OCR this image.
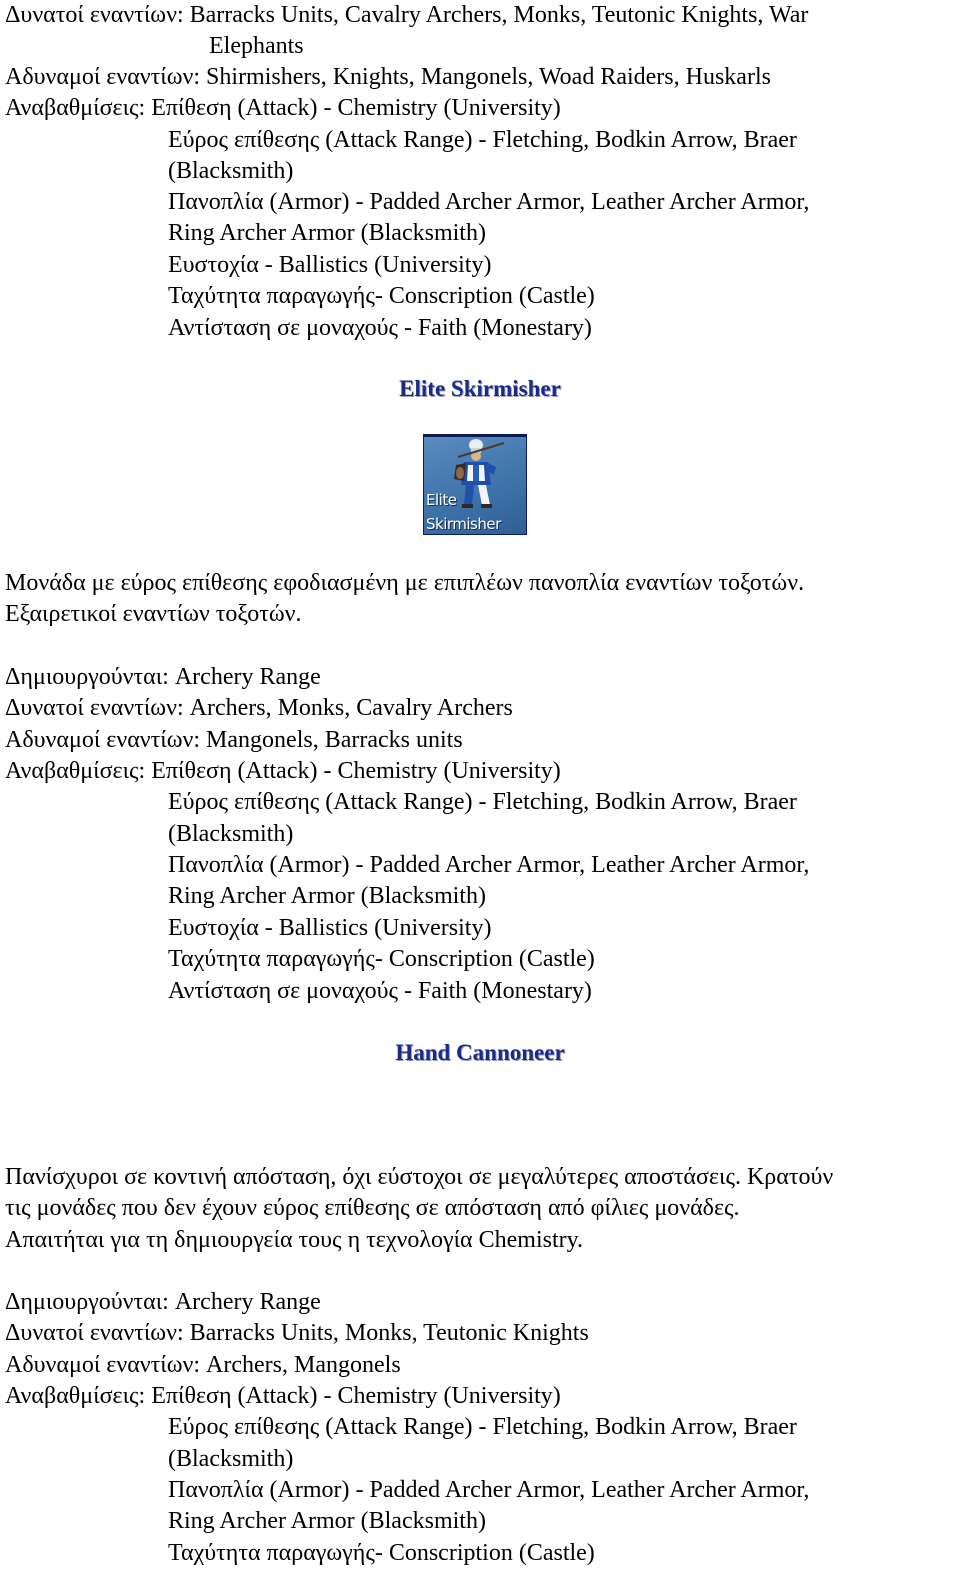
Δυνατοί εναντίων: Barracks Units, Cavalry Archers, Monks, Teutonic Knights, War

Elephants

Αδυναμοί εναντίων: Shirmishers, Knights, Mangonels, Woad Raiders, Huskarls

Αναβαθμίσεις: Επίθεση (Attack) - Chemistry (University)

Εύρος επίθεσης (Attack Range) - Fletching, Bodkin Arrow, Braer

(Blacksmith)

Πανοπλία (Armor) - Padded Archer Armor, Leather Archer Armor,

Ring Archer Armor (Blacksmith)

Ευστοχία - Ballistics (University)

Ταχύτητα παραγωγής- Conscription (Castle)

Αντίσταση σε μοναχούς - Faith (Monestary)

Elite Skirmisher
Elite
Skirmisher

Μονάδα με εύρος επίθεσης εφοδιασμένη με επιπλέων πανοπλία εναντίων τοξοτών.

Εξαιρετικοί εναντίων τοξοτών.

Δημιουργούνται: Archery Range

Δυνατοί εναντίων: Archers, Monks, Cavalry Archers

Αδυναμοί εναντίων: Mangonels, Barracks units

Αναβαθμίσεις: Επίθεση (Attack) - Chemistry (University)

Εύρος επίθεσης (Attack Range) - Fletching, Bodkin Arrow, Braer

(Blacksmith)

Πανοπλία (Armor) - Padded Archer Armor, Leather Archer Armor,

Ring Archer Armor (Blacksmith)

Ευστοχία - Ballistics (University)

Ταχύτητα παραγωγής- Conscription (Castle)

Αντίσταση σε μοναχούς - Faith (Monestary)

Hand Cannoneer

Πανίσχυροι σε κοντινή απόσταση, όχι εύστοχοι σε μεγαλύτερες αποστάσεις. Κρατούν

τις μονάδες που δεν έχουν εύρος επίθεσης σε απόσταση από φίλιες μονάδες.

Απαιτήται για τη δημιουργεία τους η τεχνολογία Chemistry.

Δημιουργούνται: Archery Range

Δυνατοί εναντίων: Barracks Units, Monks, Teutonic Knights

Αδυναμοί εναντίων: Archers, Mangonels

Αναβαθμίσεις: Επίθεση (Attack) - Chemistry (University)

Εύρος επίθεσης (Attack Range) - Fletching, Bodkin Arrow, Braer

(Blacksmith)

Πανοπλία (Armor) - Padded Archer Armor, Leather Archer Armor,

Ring Archer Armor (Blacksmith)

Ταχύτητα παραγωγής- Conscription (Castle)
